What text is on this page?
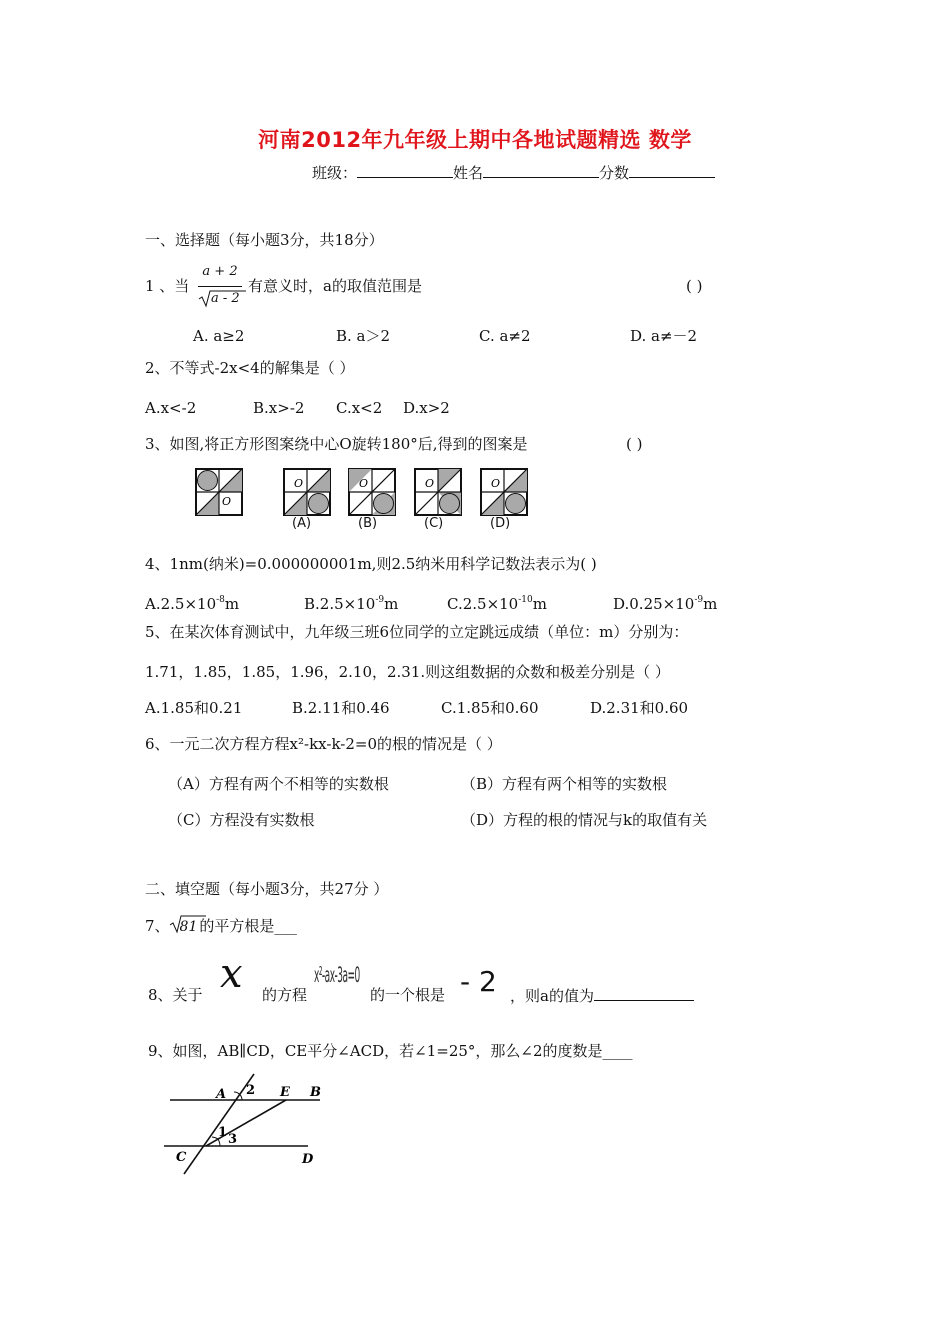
河南2012年九年级上期中各地试题精选 数学
班级：	姓名	分数
一、选择题（每小题3分，共18分）
1 、当
a + 2
a - 2
有意义时，a的取值范围是	( )
A. a≥2	B. a＞2	C. a≠2	D. a≠－2
2、不等式-2x<4的解集是（ ）
A.x<-2	B.x>-2 C.x<2 D.x>2
3、如图,将正方形图案绕中心O旋转180°后,得到的图案是	( )
O
O	O	O	O
(A)	(B)	(C)	(D)
4、1nm(纳米)=0.000000001m,则2.5纳米用科学记数法表示为( )
$A.2.5\times 10^{-8}m$	$B.2.5\times 10^{-9}m$	$C.2.5\times 10^{-10}m$	$D.0.25\times 10^{-9}m$
5、在某次体育测试中，九年级三班6位同学的立定跳远成绩（单位：m）分别为：
1.71，1.85，1.85，1.96，2.10，2.31.则这组数据的众数和极差分别是（ ）
A.1.85和0.21	B.2.11和0.46	C.1.85和0.60	D.2.31和0.60
6、一元二次方程方程x²-kx-k-2=0的根的情况是（ ）
（A）方程有两个不相等的实数根	（B）方程有两个相等的实数根
（C）方程没有实数根	（D）方程的根的情况与k的取值有关
二、填空题（每小题3分，共27分 ）
7、 81 的平方根是___
8、关于 x 的方程
x²-ax-3a=0
的一个根是 - 2 ，则a的值为
9、如图，AB∥CD，CE平分∠ACD，若∠1=25°，那么∠2的度数是____
A 2 E B
1 3
C	D
